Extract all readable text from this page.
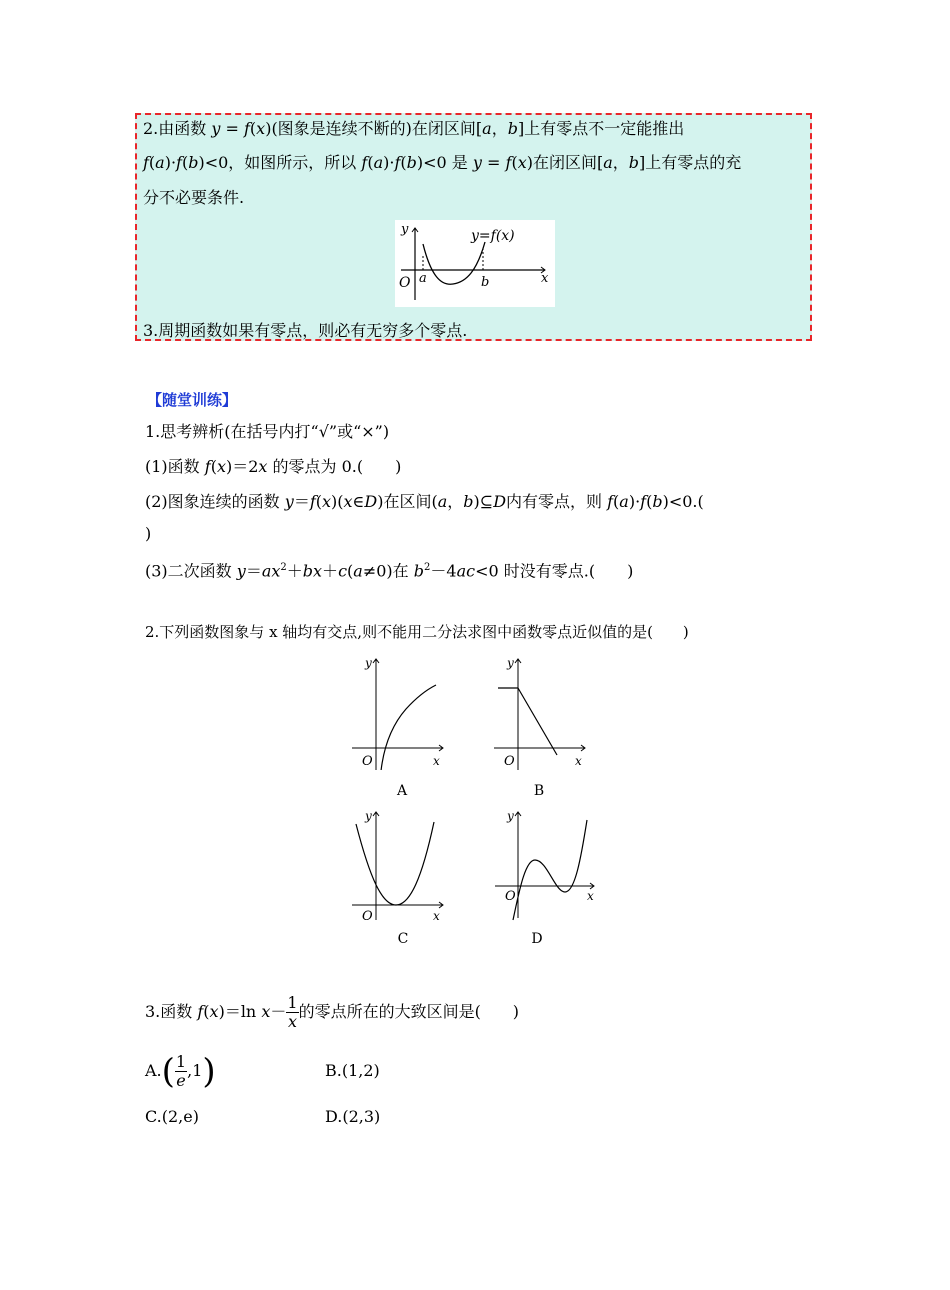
2.由函数 y = f(x)(图象是连续不断的)在闭区间[a，b]上有零点不一定能推出
f(a)·f(b)<0，如图所示，所以 f(a)·f(b)<0 是 y = f(x)在闭区间[a，b]上有零点的充
分不必要条件.
y
x
O a	b
y=f(x)
3.周期函数如果有零点，则必有无穷多个零点.
【随堂训练】
1.思考辨析(在括号内打“√”或“×”)
(1)函数 f(x)＝2x 的零点为 0.(　　)
(2)图象连续的函数 y＝f(x)(x∈D)在区间(a，b)⊆D内有零点，则 f(a)·f(b)<0.(
)
(3)二次函数 $y=ax^2+bx+c(a\ne 0)$在 $b^2-4ac<0$ 时没有零点.(　　)
2.下列函数图象与 x 轴均有交点,则不能用二分法求图中函数零点近似值的是(　　)
y
x
O
A
y
x
O
B
y
x
O
C
y
x
O
D
3.函数 f(x)＝ln $x- \frac{1}{x}$ 的零点所在的大致区间是(　　)
$A.( \frac{1}{e} ,1)$	B.(1,2)
C.(2,e)	D.(2,3)
